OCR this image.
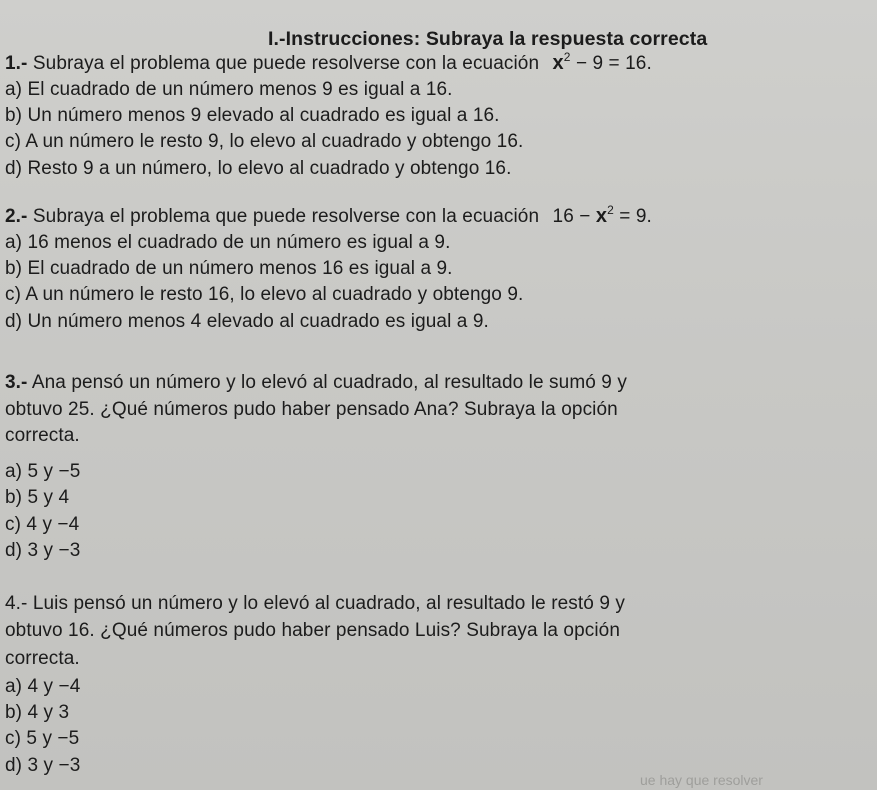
I.-Instrucciones: Subraya la respuesta correcta
1.- Subraya el problema que puede resolverse con la ecuación $x^2 - 9 = 16$.
a) El cuadrado de un número menos 9 es igual a 16.
b) Un número menos 9 elevado al cuadrado es igual a 16.
c) A un número le resto 9, lo elevo al cuadrado y obtengo 16.
d) Resto 9 a un número, lo elevo al cuadrado y obtengo 16.
2.- Subraya el problema que puede resolverse con la ecuación $16 - x^2 = 9$.
a) 16 menos el cuadrado de un número es igual a 9.
b) El cuadrado de un número menos 16 es igual a 9.
c) A un número le resto 16, lo elevo al cuadrado y obtengo 9.
d) Un número menos 4 elevado al cuadrado es igual a 9.
3.- Ana pensó un número y lo elevó al cuadrado, al resultado le sumó 9 y
obtuvo 25. ¿Qué números pudo haber pensado Ana? Subraya la opción
correcta.
a) 5 y −5
b) 5 y 4
c) 4 y −4
d) 3 y −3
4.- Luis pensó un número y lo elevó al cuadrado, al resultado le restó 9 y
obtuvo 16. ¿Qué números pudo haber pensado Luis? Subraya la opción
correcta.
a) 4 y −4
b) 4 y 3
c) 5 y −5
d) 3 y −3
ue hay que resolver
